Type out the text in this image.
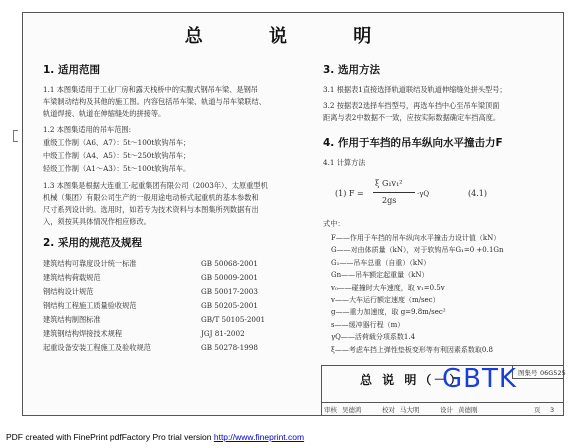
总 说 明
1. 适用范围
1.1 本图集适用于工业厂房和露天栈桥中的实腹式钢吊车梁、是钢吊
车梁制动结构及其他的施工图。内容包括吊车梁、轨道与吊车梁联结、
轨道焊接、轨道在伸缩缝处的拼接等。
1.2 本图集适用的吊车范围:
重级工作制（A6、A7）： 5t～100t软钩吊车；
中级工作制（A4、A5）： 5t～250t软钩吊车；
轻级工作制（A1～A3）： 5t～100t软钩吊车。
1.3 本图集是根据大连重工·起重集团有限公司（2003年）、太原重型机
机械（集团）有限公司生产的一般用途电动桥式起重机的基本参数和
尺寸系列设计的。选用时，如若专为技术资料与本图集所列数据有出
入，须按其具体情况作相应修改。
2. 采用的规范及规程
建筑结构可靠度设计统一标准	GB 50068-2001
建筑结构荷载规范	GB 50009-2001
钢结构设计规范	GB 50017-2003
钢结构工程施工质量验收规范	GB 50205-2001
建筑结构制图标准	GB/T 50105-2001
建筑钢结构焊接技术规程	JGJ 81-2002
起重设备安装工程施工及验收规范	GB 50278-1998
3. 选用方法
3.1 根据表1直接选择轨道联结及轨道伸缩缝处拼头型号；
3.2 按据表2选择车挡型号，再选车挡中心至吊车梁顶面
距离与表2中数据不一致，应按实际数据确定车挡高度。
4. 作用于车挡的吊车纵向水平撞击力F
4.1 计算方法
(1) F =
ξ G₁v₁²
2gs
·γQ	(4.1)
式中：
F——作用于车挡的吊车纵向水平撞击力设计值（kN）
G——对由体质量（kN），对于软钩吊车G₁=0 +0.1Gn
G₁——吊车总重（自重）（kN）
Gn——吊车额定起重量（kN）
v₀——碰撞时大车速度，取 v₁=0.5v
v——大车运行额定速度（m/sec）
g——重力加速度，取 g=9.8m/sec²
s——缓冲器行程（m）
γQ——活荷载分项系数1.4
ξ——考虑车挡上弹性垫板变形等有利因素系数取0.8
总 说 明（一）	图集号 06G525
审核 吴德鸿	校对 马大明	设计 黄德刚	页 3
GBTK
PDF created with FinePrint pdfFactory Pro trial version http://www.fineprint.com
